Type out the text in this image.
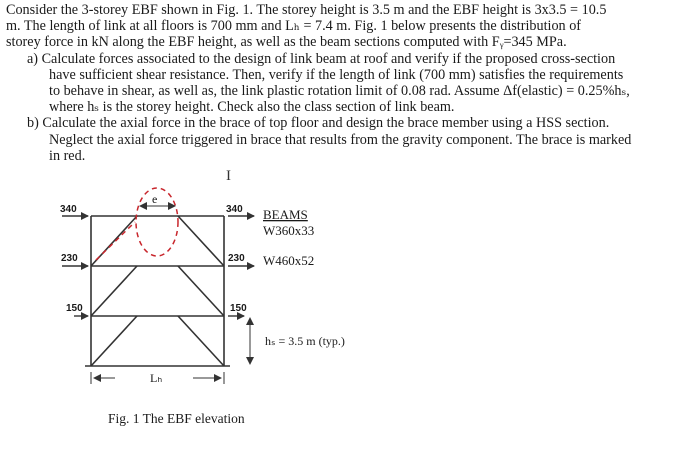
Consider the 3-storey EBF shown in Fig. 1. The storey height is 3.5 m and the EBF height is 3x3.5 = 10.5
m. The length of link at all floors is 700 mm and Lₕ = 7.4 m. Fig. 1 below presents the distribution of
storey force in kN along the EBF height, as well as the beam sections computed with Fᵧ=345 MPa.
a) Calculate forces associated to the design of link beam at roof and verify if the proposed cross-section
have sufficient shear resistance. Then, verify if the length of link (700 mm) satisfies the requirements
to behave in shear, as well as, the link plastic rotation limit of 0.08 rad. Assume Δf(elastic) = 0.25%hₛ,
where hₛ is the storey height. Check also the class section of link beam.
b) Calculate the axial force in the brace of top floor and design the brace member using a HSS section.
Neglect the axial force triggered in brace that results from the gravity component. The brace is marked
in red.
I
e
340
230
150
340
230
150
BEAMS
W360x33
W460x52
hₛ = 3.5 m (typ.)
Lₕ
Fig. 1 The EBF elevation
